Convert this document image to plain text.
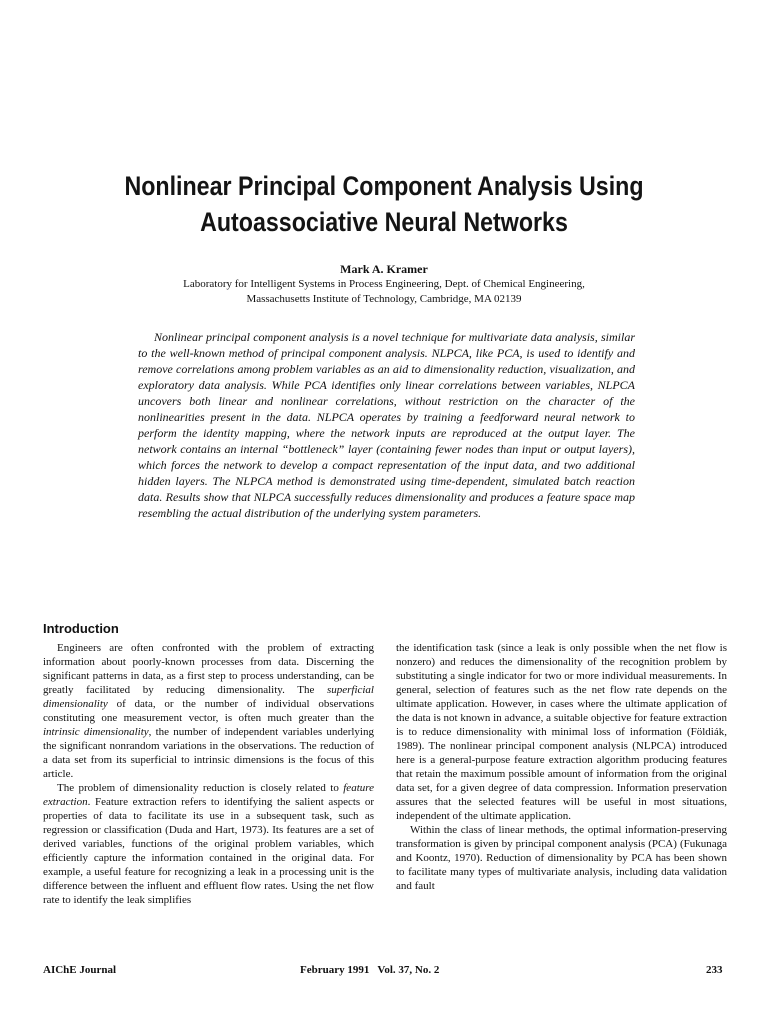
Nonlinear Principal Component Analysis Using
Autoassociative Neural Networks
Mark A. Kramer
Laboratory for Intelligent Systems in Process Engineering, Dept. of Chemical Engineering,
Massachusetts Institute of Technology, Cambridge, MA 02139
Nonlinear principal component analysis is a novel technique for multivariate data analysis, similar to the well-known method of principal component analysis. NLPCA, like PCA, is used to identify and remove correlations among problem variables as an aid to dimensionality reduction, visualization, and exploratory data analysis. While PCA identifies only linear correlations between variables, NLPCA uncovers both linear and nonlinear correlations, without restriction on the character of the nonlinearities present in the data. NLPCA operates by training a feedforward neural network to perform the identity mapping, where the network inputs are reproduced at the output layer. The network contains an internal “bottleneck” layer (containing fewer nodes than input or output layers), which forces the network to develop a compact representation of the input data, and two additional hidden layers. The NLPCA method is demonstrated using time-dependent, simulated batch reaction data. Results show that NLPCA successfully reduces dimensionality and produces a feature space map resembling the actual distribution of the underlying system parameters.
Introduction

Engineers are often confronted with the problem of extracting information about poorly-known processes from data. Discerning the significant patterns in data, as a first step to process understanding, can be greatly facilitated by reducing dimensionality. The superficial dimensionality of data, or the number of individual observations constituting one measurement vector, is often much greater than the intrinsic dimensionality, the number of independent variables underlying the significant nonrandom variations in the observations. The reduction of a data set from its superficial to intrinsic dimensions is the focus of this article.

The problem of dimensionality reduction is closely related to feature extraction. Feature extraction refers to identifying the salient aspects or properties of data to facilitate its use in a subsequent task, such as regression or classification (Duda and Hart, 1973). Its features are a set of derived variables, functions of the original problem variables, which efficiently capture the information contained in the original data. For example, a useful feature for recognizing a leak in a processing unit is the difference between the influent and effluent flow rates. Using the net flow rate to identify the leak simplifies

the identification task (since a leak is only possible when the net flow is nonzero) and reduces the dimensionality of the recognition problem by substituting a single indicator for two or more individual measurements. In general, selection of features such as the net flow rate depends on the ultimate application. However, in cases where the ultimate application of the data is not known in advance, a suitable objective for feature extraction is to reduce dimensionality with minimal loss of information (Földiák, 1989). The nonlinear principal component analysis (NLPCA) introduced here is a general-purpose feature extraction algorithm producing features that retain the maximum possible amount of information from the original data set, for a given degree of data compression. Information preservation assures that the selected features will be useful in most situations, independent of the ultimate application.

Within the class of linear methods, the optimal information-preserving transformation is given by principal component analysis (PCA) (Fukunaga and Koontz, 1970). Reduction of dimensionality by PCA has been shown to facilitate many types of multivariate analysis, including data validation and fault

AIChE Journal	February 1991   Vol. 37, No. 2	233
